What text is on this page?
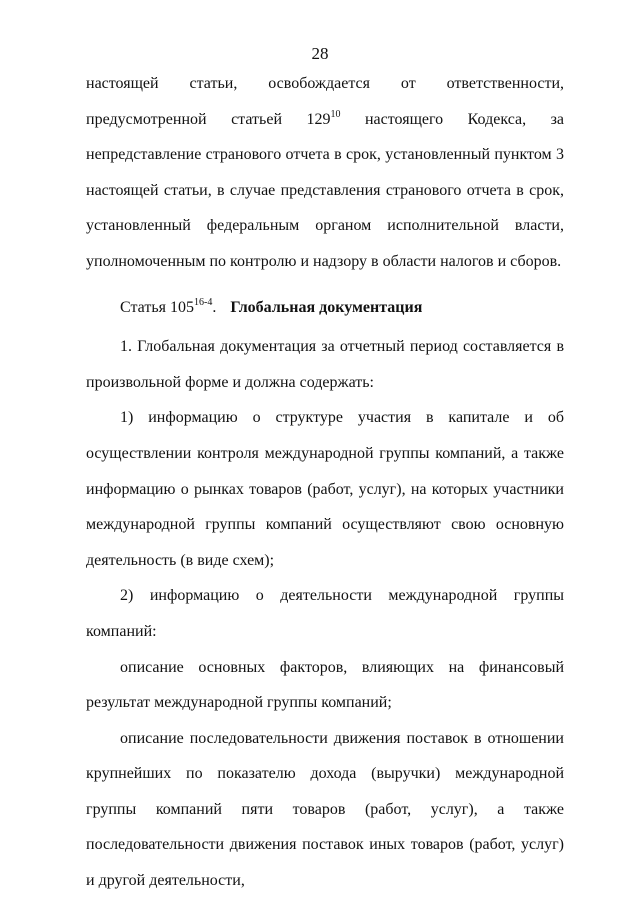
28

настоящей статьи, освобождается от ответственности, предусмотренной статьей $129^{10}$ настоящего Кодекса, за непредставление странового отчета в срок, установленный пунктом 3 настоящей статьи, в случае представления странового отчета в срок, установленный федеральным органом исполнительной власти, уполномоченным по контролю и надзору в области налогов и сборов.

Статья 105$^{16-4}$. Глобальная документация

1. Глобальная документация за отчетный период составляется в произвольной форме и должна содержать:

1) информацию о структуре участия в капитале и об осуществлении контроля международной группы компаний, а также информацию о рынках товаров (работ, услуг), на которых участники международной группы компаний осуществляют свою основную деятельность (в виде схем);

2) информацию о деятельности международной группы компаний:

описание основных факторов, влияющих на финансовый результат международной группы компаний;

описание последовательности движения поставок в отношении крупнейших по показателю дохода (выручки) международной группы компаний пяти товаров (работ, услуг), а также последовательности движения поставок иных товаров (работ, услуг) и другой деятельности,
